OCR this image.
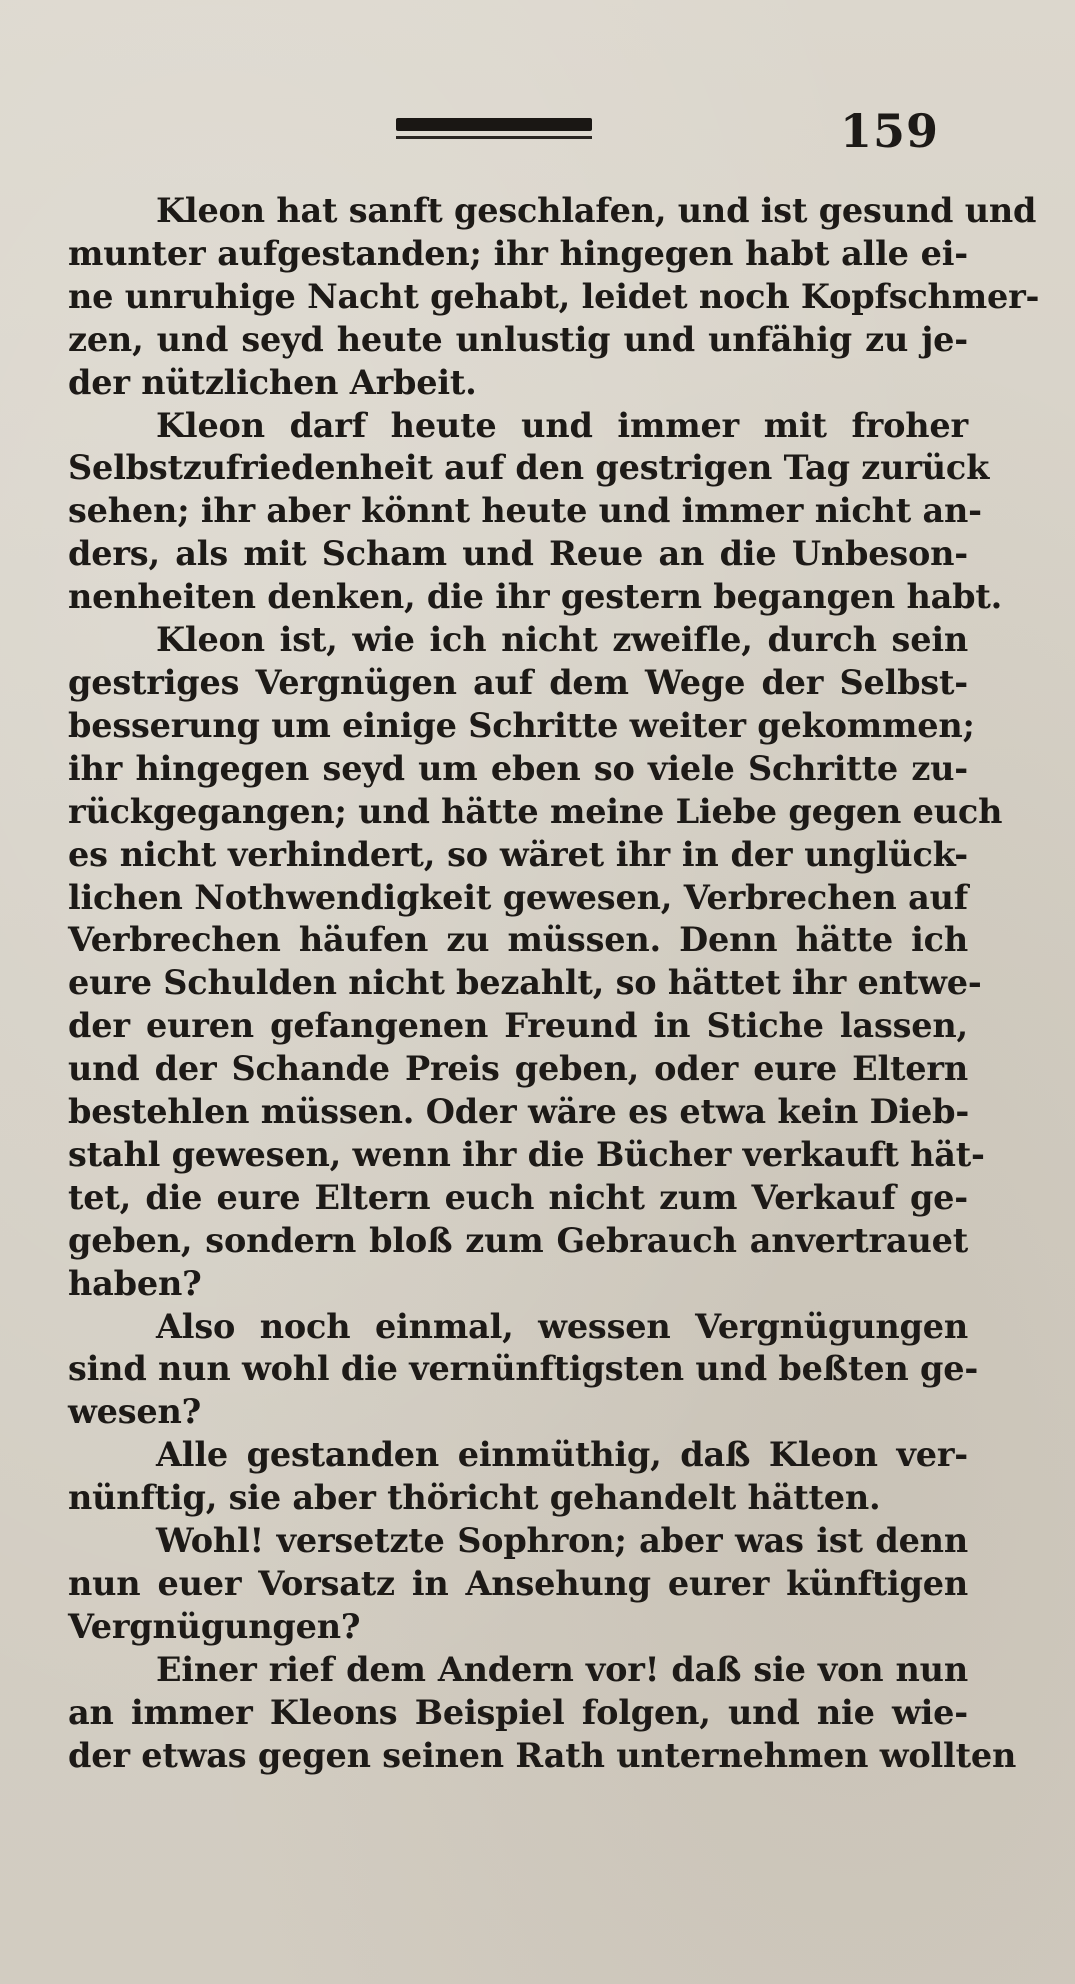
159
Kleon hat sanft geschlafen, und ist gesund und
munter aufgestanden; ihr hingegen habt alle ei-
ne unruhige Nacht gehabt, leidet noch Kopfschmer-
zen, und seyd heute unlustig und unfähig zu je-
der nützlichen Arbeit.
Kleon darf heute und immer mit froher
Selbstzufriedenheit auf den gestrigen Tag zurück
sehen; ihr aber könnt heute und immer nicht an-
ders, als mit Scham und Reue an die Unbeson-
nenheiten denken, die ihr gestern begangen habt.
Kleon ist, wie ich nicht zweifle, durch sein
gestriges Vergnügen auf dem Wege der Selbst-
besserung um einige Schritte weiter gekommen;
ihr hingegen seyd um eben so viele Schritte zu-
rückgegangen; und hätte meine Liebe gegen euch
es nicht verhindert, so wäret ihr in der unglück-
lichen Nothwendigkeit gewesen, Verbrechen auf
Verbrechen häufen zu müssen. Denn hätte ich
eure Schulden nicht bezahlt, so hättet ihr entwe-
der euren gefangenen Freund in Stiche lassen,
und der Schande Preis geben, oder eure Eltern
bestehlen müssen. Oder wäre es etwa kein Dieb-
stahl gewesen, wenn ihr die Bücher verkauft hät-
tet, die eure Eltern euch nicht zum Verkauf ge-
geben, sondern bloß zum Gebrauch anvertrauet
haben?
Also noch einmal, wessen Vergnügungen
sind nun wohl die vernünftigsten und beßten ge-
wesen?
Alle gestanden einmüthig, daß Kleon ver-
nünftig, sie aber thöricht gehandelt hätten.
Wohl! versetzte Sophron; aber was ist denn
nun euer Vorsatz in Ansehung eurer künftigen
Vergnügungen?
Einer rief dem Andern vor! daß sie von nun
an immer Kleons Beispiel folgen, und nie wie-
der etwas gegen seinen Rath unternehmen wollten
